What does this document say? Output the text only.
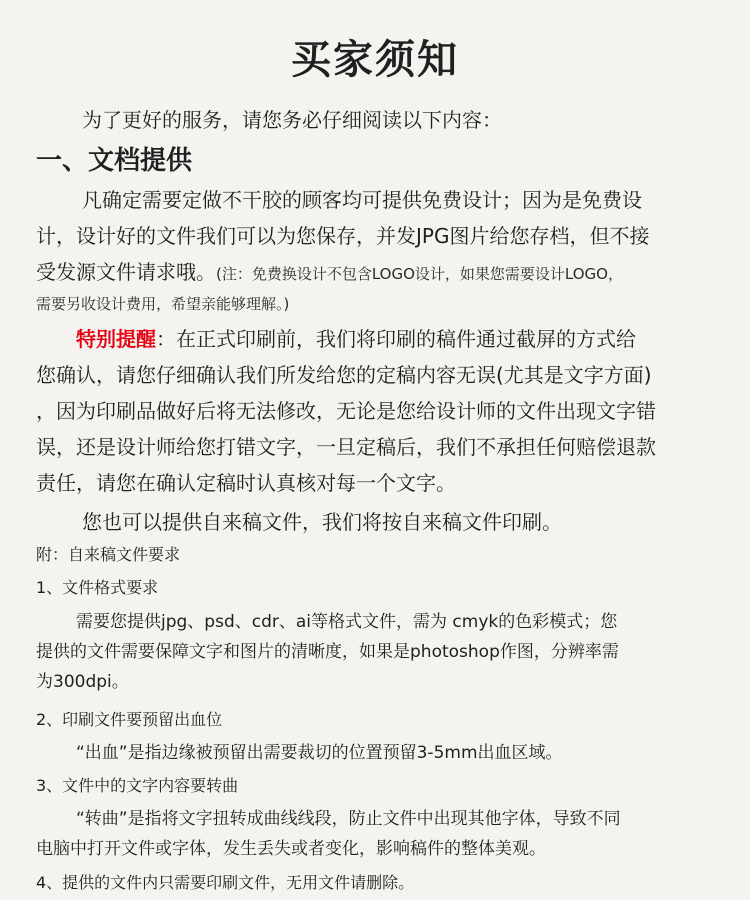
买家须知
为了更好的服务，请您务必仔细阅读以下内容：
一、文档提供
凡确定需要定做不干胶的顾客均可提供免费设计；因为是免费设
计，设计好的文件我们可以为您保存，并发JPG图片给您存档，但不接
受发源文件请求哦。(注：免费换设计不包含LOGO设计，如果您需要设计LOGO，
需要另收设计费用，希望亲能够理解。)
特别提醒：在正式印刷前，我们将印刷的稿件通过截屏的方式给
您确认，请您仔细确认我们所发给您的定稿内容无误(尤其是文字方面)
，因为印刷品做好后将无法修改，无论是您给设计师的文件出现文字错
误，还是设计师给您打错文字，一旦定稿后，我们不承担任何赔偿退款
责任，请您在确认定稿时认真核对每一个文字。
您也可以提供自来稿文件，我们将按自来稿文件印刷。
附：自来稿文件要求
1、文件格式要求
需要您提供jpg、psd、cdr、ai等格式文件，需为 cmyk的色彩模式；您
提供的文件需要保障文字和图片的清晰度，如果是photoshop作图，分辨率需
为300dpi。
2、印刷文件要预留出血位
“出血”是指边缘被预留出需要裁切的位置预留3-5mm出血区域。
3、文件中的文字内容要转曲
“转曲”是指将文字扭转成曲线线段，防止文件中出现其他字体，导致不同
电脑中打开文件或字体，发生丢失或者变化，影响稿件的整体美观。
4、提供的文件内只需要印刷文件，无用文件请删除。
